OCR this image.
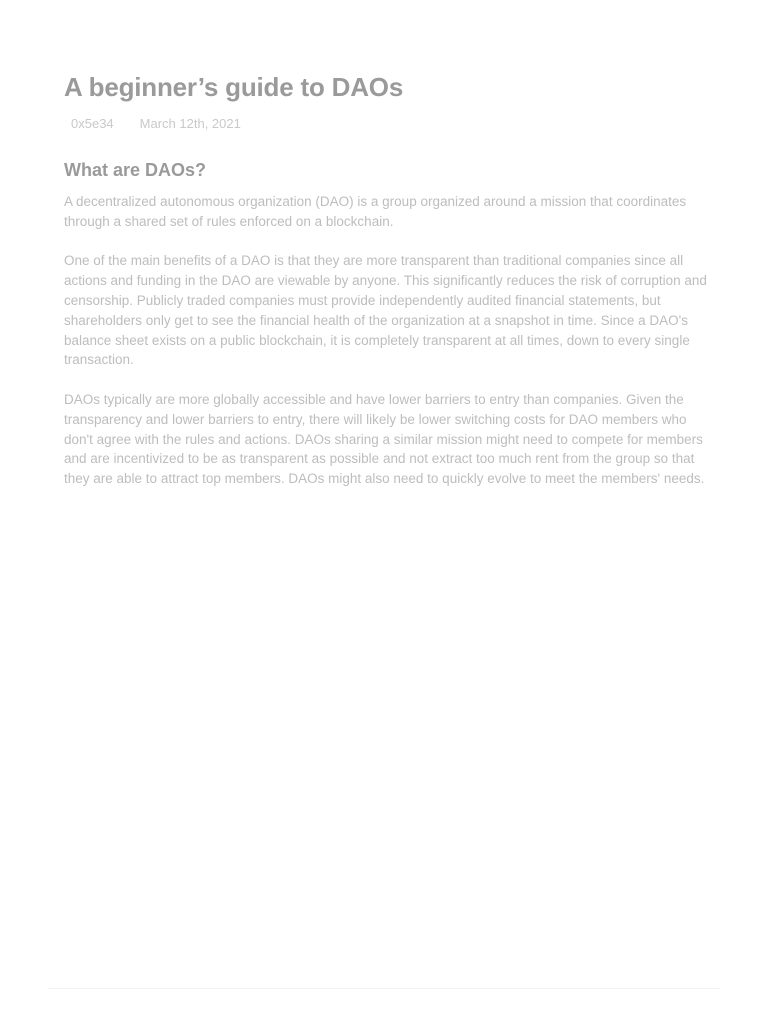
A beginner’s guide to DAOs
0x5e34 March 12th, 2021
What are DAOs?

A decentralized autonomous organization (DAO) is a group organized around a mission that coordinates through a shared set of rules enforced on a blockchain.

One of the main benefits of a DAO is that they are more transparent than traditional companies since all actions and funding in the DAO are viewable by anyone. This significantly reduces the risk of corruption and censorship. Publicly traded companies must provide independently audited financial statements, but shareholders only get to see the financial health of the organization at a snapshot in time. Since a DAO's balance sheet exists on a public blockchain, it is completely transparent at all times, down to every single transaction.

DAOs typically are more globally accessible and have lower barriers to entry than companies. Given the transparency and lower barriers to entry, there will likely be lower switching costs for DAO members who don't agree with the rules and actions. DAOs sharing a similar mission might need to compete for members and are incentivized to be as transparent as possible and not extract too much rent from the group so that they are able to attract top members. DAOs might also need to quickly evolve to meet the members' needs.
